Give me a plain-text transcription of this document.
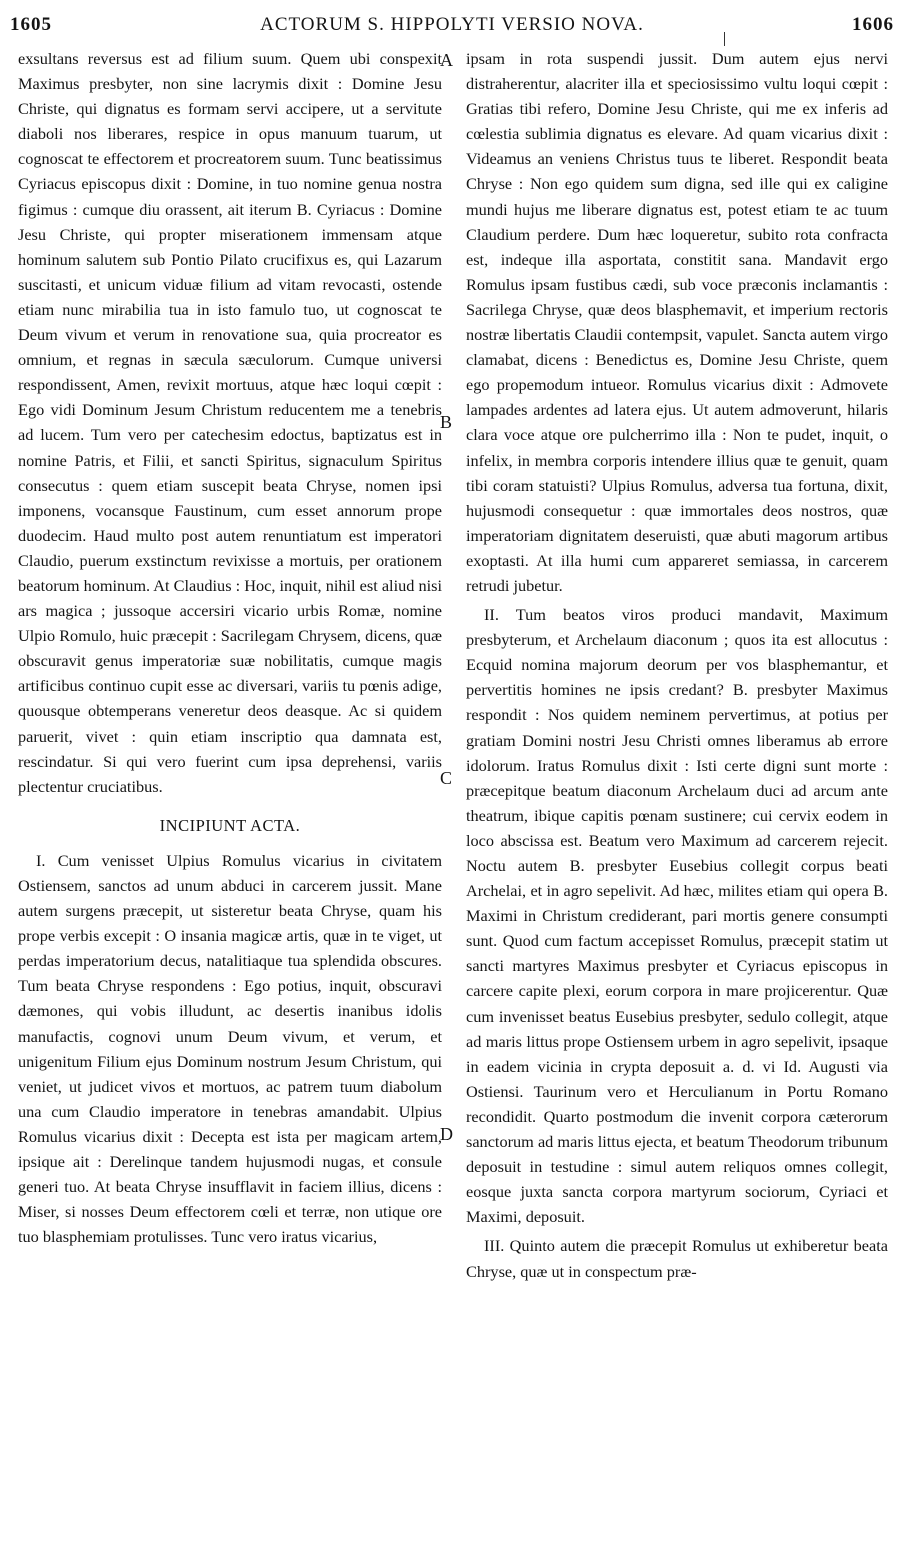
1605	ACTORUM S. HIPPOLYTI VERSIO NOVA.	1606

exsultans reversus est ad filium suum. Quem ubi conspexit Maximus presbyter, non sine lacrymis dixit : Domine Jesu Christe, qui dignatus es formam servi accipere, ut a servitute diaboli nos liberares, respice in opus manuum tuarum, ut cognoscat te effectorem et procreatorem suum. Tunc beatissimus Cyriacus episcopus dixit : Domine, in tuo nomine genua nostra figimus : cumque diu orassent, ait iterum B. Cyriacus : Domine Jesu Christe, qui propter miserationem immensam atque hominum salutem sub Pontio Pilato crucifixus es, qui Lazarum suscitasti, et unicum viduæ filium ad vitam revocasti, ostende etiam nunc mirabilia tua in isto famulo tuo, ut cognoscat te Deum vivum et verum in renovatione sua, quia procreator es omnium, et regnas in sæcula sæculorum. Cumque universi respondissent, Amen, revixit mortuus, atque hæc loqui cœpit : Ego vidi Dominum Jesum Christum reducentem me a tenebris ad lucem. Tum vero per catechesim edoctus, baptizatus est in nomine Patris, et Filii, et sancti Spiritus, signaculum Spiritus consecutus : quem etiam suscepit beata Chryse, nomen ipsi imponens, vocansque Faustinum, cum esset annorum prope duodecim. Haud multo post autem renuntiatum est imperatori Claudio, puerum exstinctum revixisse a mortuis, per orationem beatorum hominum. At Claudius : Hoc, inquit, nihil est aliud nisi ars magica ; jussoque accersiri vicario urbis Romæ, nomine Ulpio Romulo, huic præcepit : Sacrilegam Chrysem, dicens, quæ obscuravit genus imperatoriæ suæ nobilitatis, cumque magis artificibus continuo cupit esse ac diversari, variis tu pœnis adige, quousque obtemperans veneretur deos deasque. Ac si quidem paruerit, vivet : quin etiam inscriptio qua damnata est, rescindatur. Si qui vero fuerint cum ipsa deprehensi, variis plectentur cruciatibus.

INCIPIUNT ACTA.

I. Cum venisset Ulpius Romulus vicarius in civitatem Ostiensem, sanctos ad unum abduci in carcerem jussit. Mane autem surgens præcepit, ut sisteretur beata Chryse, quam his prope verbis excepit : O insania magicæ artis, quæ in te viget, ut perdas imperatorium decus, natalitiaque tua splendida obscures. Tum beata Chryse respondens : Ego potius, inquit, obscuravi dæmones, qui vobis illudunt, ac desertis inanibus idolis manufactis, cognovi unum Deum vivum, et verum, et unigenitum Filium ejus Dominum nostrum Jesum Christum, qui veniet, ut judicet vivos et mortuos, ac patrem tuum diabolum una cum Claudio imperatore in tenebras amandabit. Ulpius Romulus vicarius dixit : Decepta est ista per magicam artem, ipsique ait : Derelinque tandem hujusmodi nugas, et consule generi tuo. At beata Chryse insufflavit in faciem illius, dicens : Miser, si nosses Deum effectorem cœli et terræ, non utique ore tuo blasphemiam protulisses. Tunc vero iratus vicarius,

A
B
C
D

ipsam in rota suspendi jussit. Dum autem ejus nervi distraherentur, alacriter illa et speciosissimo vultu loqui cœpit : Gratias tibi refero, Domine Jesu Christe, qui me ex inferis ad cœlestia sublimia dignatus es elevare. Ad quam vicarius dixit : Videamus an veniens Christus tuus te liberet. Respondit beata Chryse : Non ego quidem sum digna, sed ille qui ex caligine mundi hujus me liberare dignatus est, potest etiam te ac tuum Claudium perdere. Dum hæc loqueretur, subito rota confracta est, indeque illa asportata, constitit sana. Mandavit ergo Romulus ipsam fustibus cædi, sub voce præconis inclamantis : Sacrilega Chryse, quæ deos blasphemavit, et imperium rectoris nostræ libertatis Claudii contempsit, vapulet. Sancta autem virgo clamabat, dicens : Benedictus es, Domine Jesu Christe, quem ego propemodum intueor. Romulus vicarius dixit : Admovete lampades ardentes ad latera ejus. Ut autem admoverunt, hilaris clara voce atque ore pulcherrimo illa : Non te pudet, inquit, o infelix, in membra corporis intendere illius quæ te genuit, quam tibi coram statuisti? Ulpius Romulus, adversa tua fortuna, dixit, hujusmodi consequetur : quæ immortales deos nostros, quæ imperatoriam dignitatem deseruisti, quæ abuti magorum artibus exoptasti. At illa humi cum appareret semiassa, in carcerem retrudi jubetur.

II. Tum beatos viros produci mandavit, Maximum presbyterum, et Archelaum diaconum ; quos ita est allocutus : Ecquid nomina majorum deorum per vos blasphemantur, et pervertitis homines ne ipsis credant? B. presbyter Maximus respondit : Nos quidem neminem pervertimus, at potius per gratiam Domini nostri Jesu Christi omnes liberamus ab errore idolorum. Iratus Romulus dixit : Isti certe digni sunt morte : præcepitque beatum diaconum Archelaum duci ad arcum ante theatrum, ibique capitis pœnam sustinere; cui cervix eodem in loco abscissa est. Beatum vero Maximum ad carcerem rejecit. Noctu autem B. presbyter Eusebius collegit corpus beati Archelai, et in agro sepelivit. Ad hæc, milites etiam qui opera B. Maximi in Christum crediderant, pari mortis genere consumpti sunt. Quod cum factum accepisset Romulus, præcepit statim ut sancti martyres Maximus presbyter et Cyriacus episcopus in carcere capite plexi, eorum corpora in mare projicerentur. Quæ cum invenisset beatus Eusebius presbyter, sedulo collegit, atque ad maris littus prope Ostiensem urbem in agro sepelivit, ipsaque in eadem vicinia in crypta deposuit a. d. vi Id. Augusti via Ostiensi. Taurinum vero et Herculianum in Portu Romano recondidit. Quarto postmodum die invenit corpora cæterorum sanctorum ad maris littus ejecta, et beatum Theodorum tribunum deposuit in testudine : simul autem reliquos omnes collegit, eosque juxta sancta corpora martyrum sociorum, Cyriaci et Maximi, deposuit.

III. Quinto autem die præcepit Romulus ut exhiberetur beata Chryse, quæ ut in conspectum præ-
